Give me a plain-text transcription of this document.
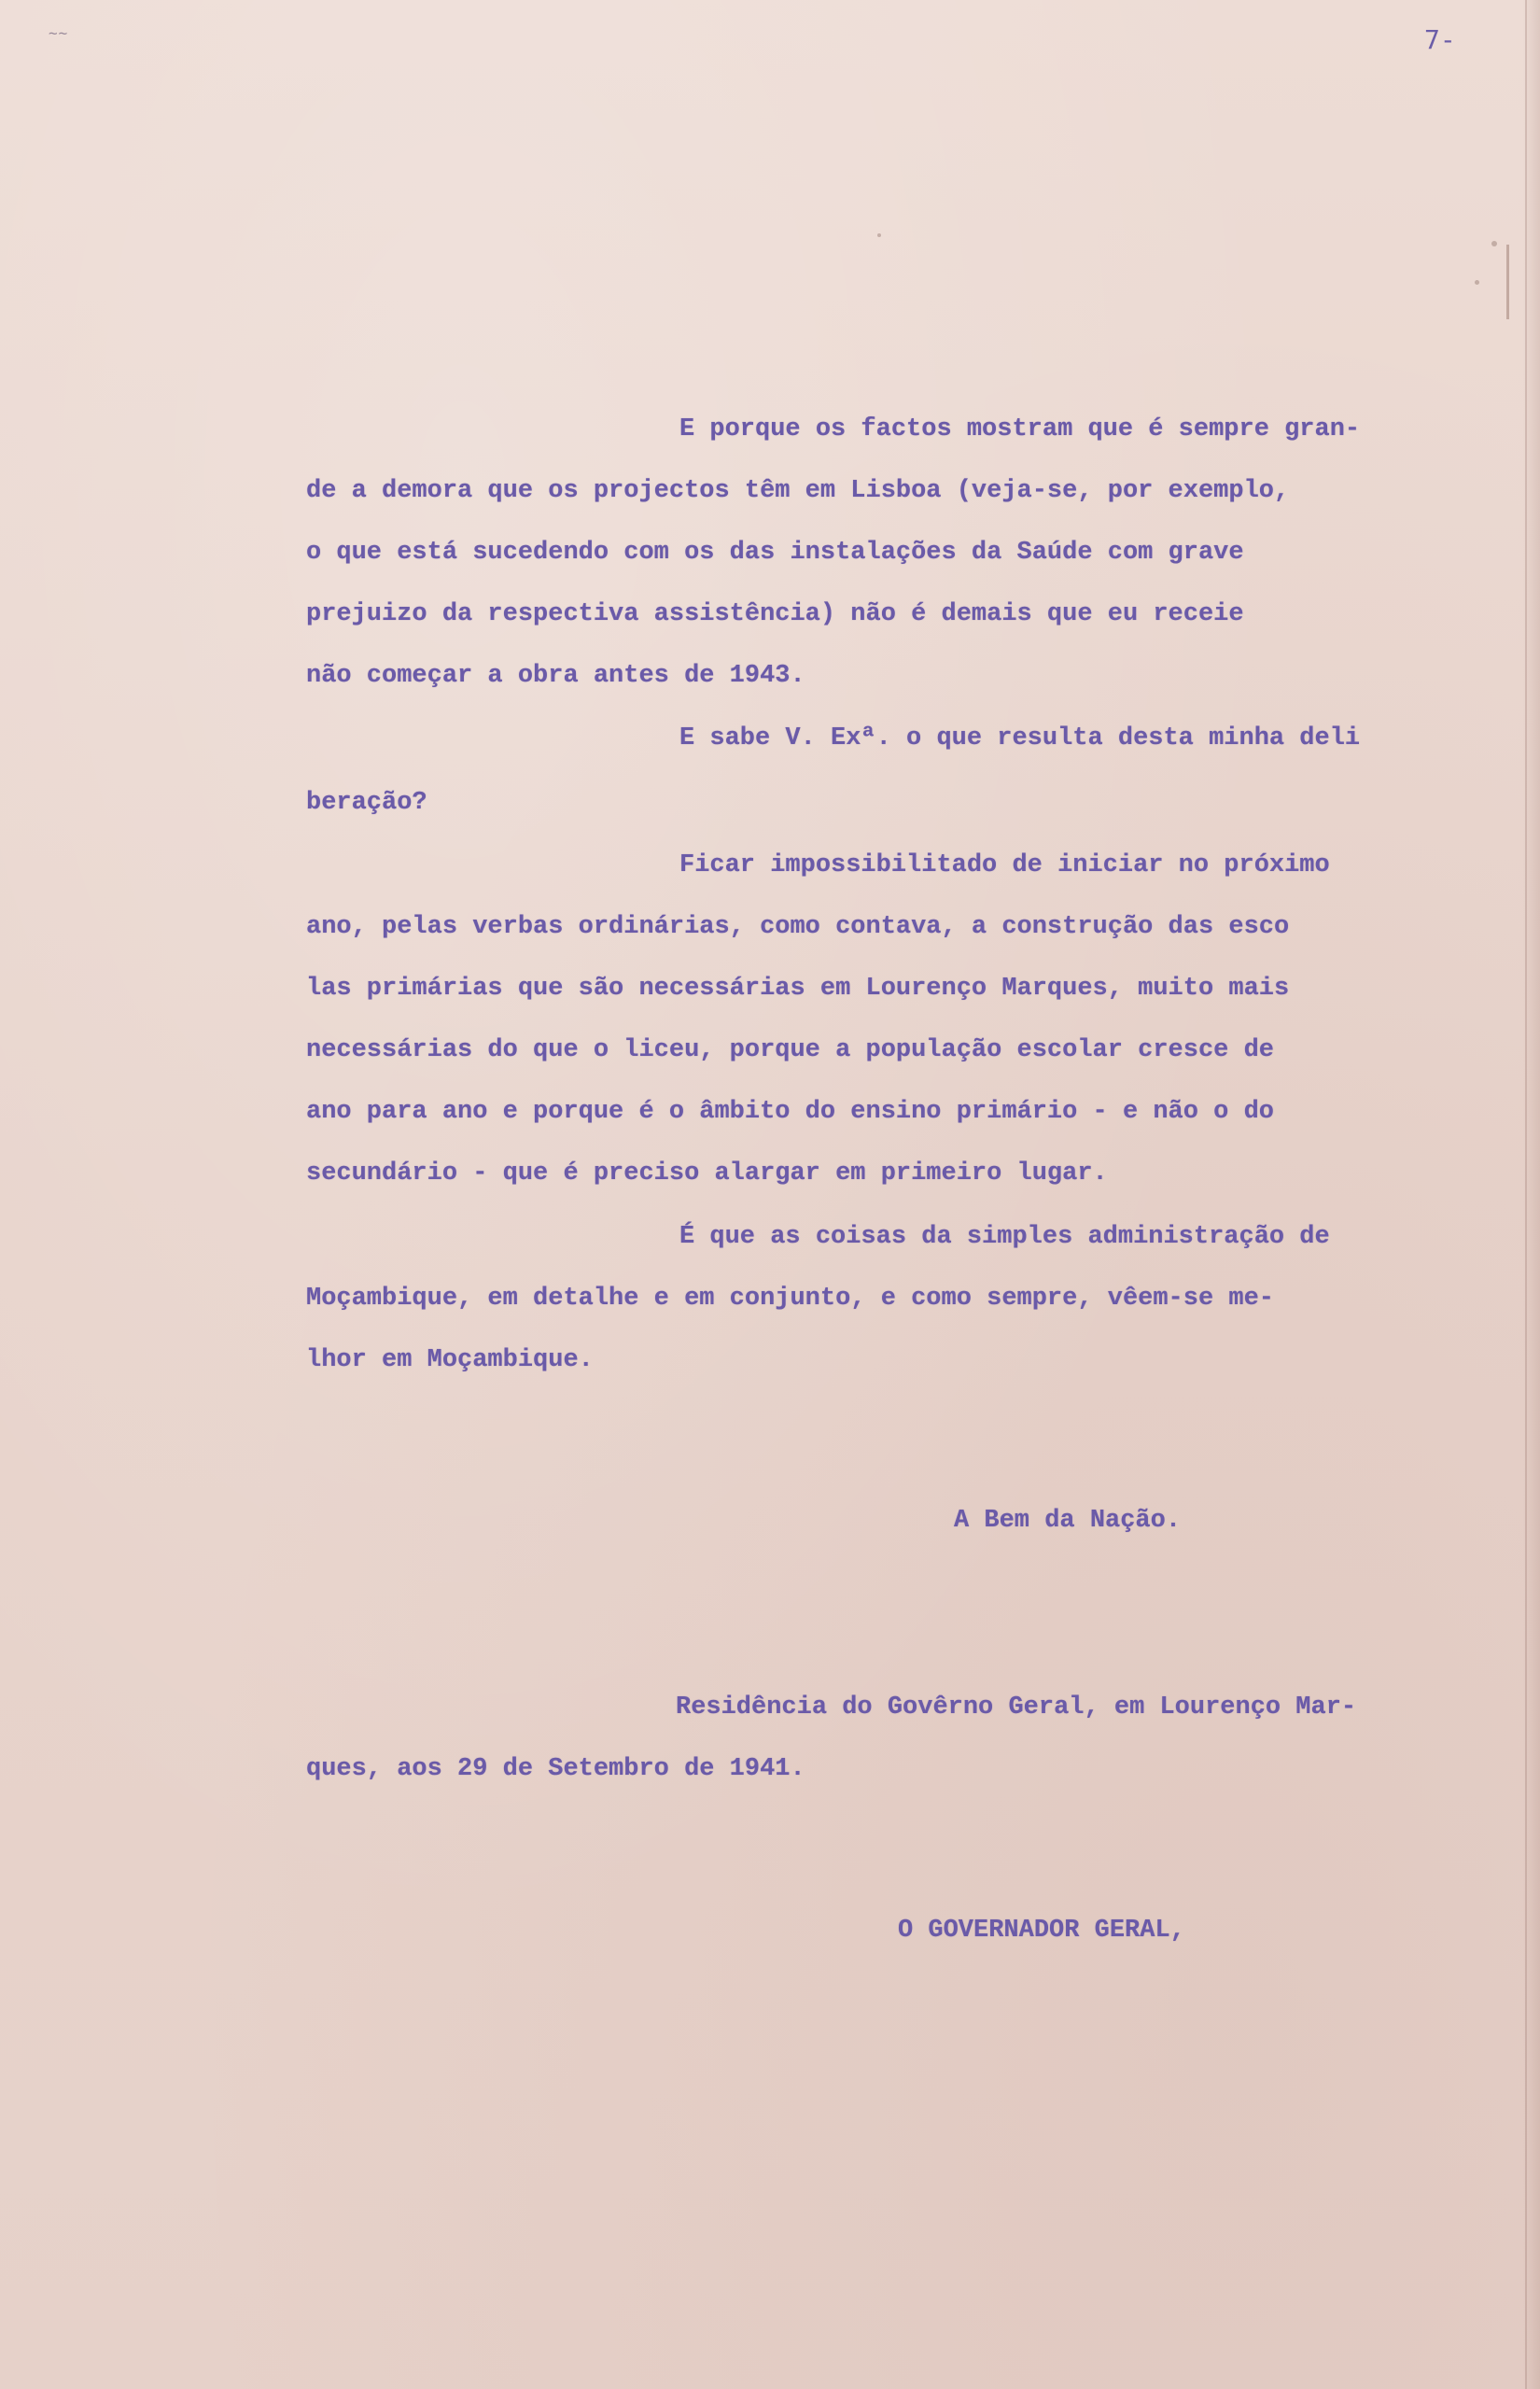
~~	7-
E porque os factos mostram que é sempre gran-
de a demora que os projectos têm em Lisboa (veja-se, por exemplo,
o que está sucedendo com os das instalações da Saúde com grave
prejuizo da respectiva assistência) não é demais que eu receie
não começar a obra antes de 1943.
E sabe V. Exª. o que resulta desta minha deli
beração?
Ficar impossibilitado de iniciar no próximo
ano, pelas verbas ordinárias, como contava, a construção das esco
las primárias que são necessárias em Lourenço Marques, muito mais
necessárias do que o liceu, porque a população escolar cresce de
ano para ano e porque é o âmbito do ensino primário - e não o do
secundário - que é preciso alargar em primeiro lugar.
É que as coisas da simples administração de
Moçambique, em detalhe e em conjunto, e como sempre, vêem-se me-
lhor em Moçambique.
A Bem da Nação.
Residência do Govêrno Geral, em Lourenço Mar-
ques, aos 29 de Setembro de 1941.
O GOVERNADOR GERAL,
